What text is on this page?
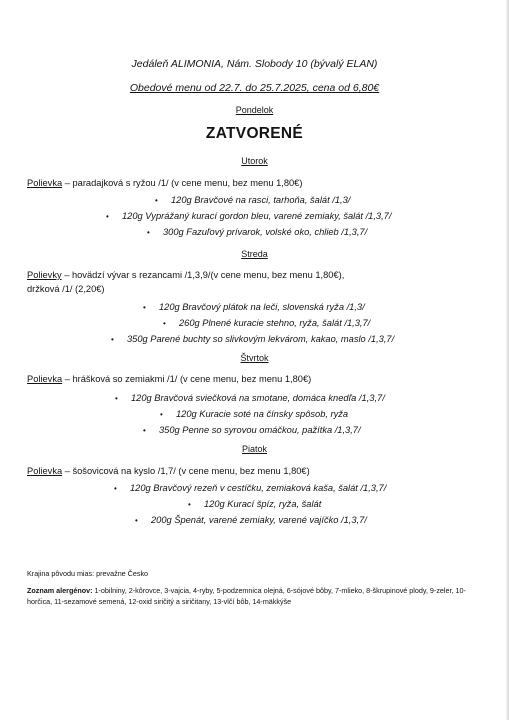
Jedáleň ALIMONIA, Nám. Slobody 10 (bývalý ELAN)
Obedové menu od 22.7. do 25.7.2025, cena od 6,80€
Pondelok
ZATVORENÉ
Utorok
Polievka – paradajková s ryžou /1/ (v cene menu, bez menu 1,80€)
• 120g Bravčové na rasci, tarhoňa, šalát /1,3/
• 120g Vyprážaný kurací gordon bleu, varené zemiaky, šalát /1,3,7/
• 300g Fazuľový prívarok, volské oko, chlieb /1,3,7/
Streda
Polievky – hovädzí vývar s rezancami /1,3,9/(v cene menu, bez menu 1,80€),
držková /1/ (2,20€)
• 120g Bravčový plátok na leči, slovenská ryža /1,3/
• 260g Plnené kuracie stehno, ryža, šalát /1,3,7/
• 350g Parené buchty so slivkovým lekvárom, kakao, maslo /1,3,7/
Štvrtok
Polievka – hrášková so zemiakmi /1/ (v cene menu, bez menu 1,80€)
• 120g Bravčová sviečková na smotane, domáca knedľa /1,3,7/
• 120g Kuracie soté na čínsky spôsob, ryža
• 350g Penne so syrovou omáčkou, pažítka /1,3,7/
Piatok
Polievka – šošovicová na kyslo /1,7/ (v cene menu, bez menu 1,80€)
• 120g Bravčový rezeň v cestíčku, zemiaková kaša, šalát /1,3,7/
• 120g Kurací špíz, ryža, šalát
• 200g Špenát, varené zemiaky, varené vajíčko /1,3,7/
Krajina pôvodu mias: prevažne Česko
Zoznam alergénov: 1-obilniny, 2-kôrovce, 3-vajcia, 4-ryby, 5-podzemnica olejná, 6-sójové bôby, 7-mlieko, 8-škrupinové plody, 9-zeler, 10-horčica, 11-sezamové semená, 12-oxid siričitý a siričitany, 13-vlčí bôb, 14-mäkkýše
